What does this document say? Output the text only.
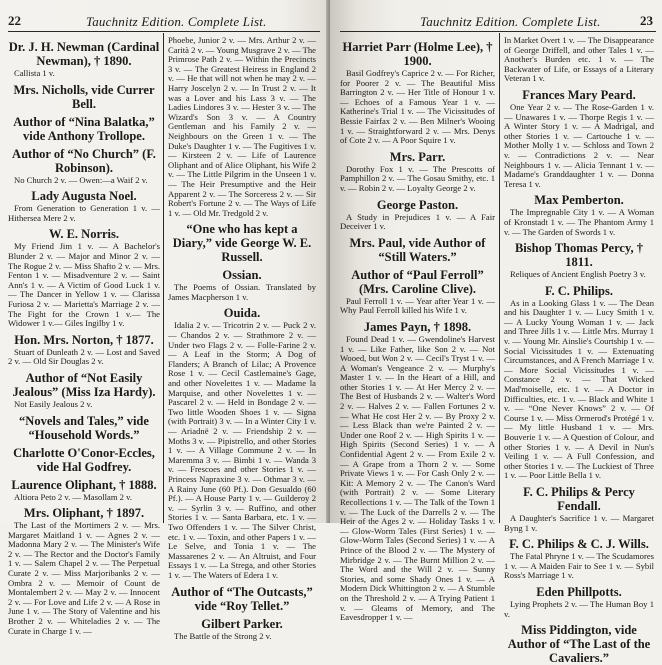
22	Tauchnitz Edition. Complete List.
Dr. J. H. Newman (Cardinal Newman), † 1890.
Callista 1 v.
Mrs. Nicholls, vide Currer Bell.
Author of “Nina Balatka,” vide Anthony Trollope.
Author of “No Church” (F. Robinson).
No Church 2 v. — Owen:—a Waif 2 v.
Lady Augusta Noel.
From Generation to Generation 1 v. — Hithersea Mere 2 v.
W. E. Norris.
My Friend Jim 1 v. — A Bachelor's Blunder 2 v. — Major and Minor 2 v. — The Rogue 2 v. — Miss Shafto 2 v. — Mrs. Fenton 1 v. — Misadventure 2 v. — Saint Ann's 1 v. — A Victim of Good Luck 1 v. — The Dancer in Yellow 1 v. — Clarissa Furiosa 2 v. — Marietta's Marriage 2 v. — The Fight for the Crown 1 v.— The Widower 1 v.— Giles Ingilby 1 v.
Hon. Mrs. Norton, † 1877.
Stuart of Dunleath 2 v. — Lost and Saved 2 v. — Old Sir Douglas 2 v.
Author of “Not Easily Jealous” (Miss Iza Hardy).
Not Easily Jealous 2 v.
“Novels and Tales,” vide “Household Words.”
Charlotte O'Conor-Eccles, vide Hal Godfrey.
Laurence Oliphant, † 1888.
Altiora Peto 2 v. — Masollam 2 v.
Mrs. Oliphant, † 1897.
The Last of the Mortimers 2 v. — Mrs. Margaret Maitland 1 v. — Agnes 2 v. — Madonna Mary 2 v. — The Minister's Wife 2 v. — The Rector and the Doctor's Family 1 v. — Salem Chapel 2 v. — The Perpetual Curate 2 v. — Miss Marjoribanks 2 v. — Ombra 2 v. — Memoir of Count de Montalembert 2 v. — May 2 v. — Innocent 2 v. — For Love and Life 2 v. — A Rose in June 1 v. — The Story of Valentine and his Brother 2 v. — Whiteladies 2 v. — The Curate in Charge 1 v. —
Phoebe, Junior 2 v. — Mrs. Arthur 2 v. — Carità 2 v. — Young Musgrave 2 v. — The Primrose Path 2 v. — Within the Precincts 3 v. — The Greatest Heiress in England 2 v. — He that will not when he may 2 v. — Harry Joscelyn 2 v. — In Trust 2 v. — It was a Lover and his Lass 3 v. — The Ladies Lindores 3 v. — Hester 3 v. — The Wizard's Son 3 v. — A Country Gentleman and his Family 2 v. — Neighbours on the Green 1 v. — The Duke's Daughter 1 v. — The Fugitives 1 v. — Kirsteen 2 v. — Life of Laurence Oliphant and of Alice Oliphant, his Wife 2 v. — The Little Pilgrim in the Unseen 1 v. — The Heir Presumptive and the Heir Apparent 2 v. — The Sorceress 2 v. — Sir Robert's Fortune 2 v. — The Ways of Life 1 v. — Old Mr. Tredgold 2 v.
“One who has kept a Diary,” vide George W. E. Russell.
Ossian.
The Poems of Ossian. Translated by James Macpherson 1 v.
Ouida.
Idalia 2 v. — Tricotrin 2 v. — Puck 2 v. — Chandos 2 v. — Strathmore 2 v. — Under two Flags 2 v. — Folle-Farine 2 v. — A Leaf in the Storm; A Dog of Flanders; A Branch of Lilac; A Provence Rose 1 v. — Cecil Castlemaine's Gage, and other Novelettes 1 v. — Madame la Marquise, and other Novelettes 1 v. — Pascarel 2 v. — Held in Bondage 2 v. — Two little Wooden Shoes 1 v. — Signa (with Portrait) 3 v. — In a Winter City 1 v. — Ariadnë 2 v. — Friendship 2 v. — Moths 3 v. — Pipistrello, and other Stories 1 v. — A Village Commune 2 v. — In Maremma 3 v. — Bimbi 1 v. — Wanda 3 v. — Frescoes and other Stories 1 v. — Princess Napraxine 3 v. — Othmar 3 v. — A Rainy June (60 Pf.). Don Gesualdo (60 Pf.). — A House Party 1 v. — Guilderoy 2 v. — Syrlin 3 v. — Ruffino, and other Stories 1 v. — Santa Barbara, etc. 1 v. — Two Offenders 1 v. — The Silver Christ, etc. 1 v. — Toxin, and other Papers 1 v. — Le Selve, and Tonia 1 v. — The Massarenes 2 v. — An Altruist, and Four Essays 1 v. — La Strega, and other Stories 1 v. — The Waters of Edera 1 v.
Author of “The Outcasts,” vide “Roy Tellet.”
Gilbert Parker.
The Battle of the Strong 2 v.
Tauchnitz Edition. Complete List.	23
Harriet Parr (Holme Lee), † 1900.
Basil Godfrey's Caprice 2 v. — For Richer, for Poorer 2 v. — The Beautiful Miss Barrington 2 v. — Her Title of Honour 1 v. — Echoes of a Famous Year 1 v. — Katherine's Trial 1 v. — The Vicissitudes of Bessie Fairfax 2 v. — Ben Milner's Wooing 1 v. — Straightforward 2 v. — Mrs. Denys of Cote 2 v. — A Poor Squire 1 v.
Mrs. Parr.
Dorothy Fox 1 v. — The Prescotts of Pamphillon 2 v. — The Gosau Smithy, etc. 1 v. — Robin 2 v. — Loyalty George 2 v.
George Paston.
A Study in Prejudices 1 v. — A Fair Deceiver 1 v.
Mrs. Paul, vide Author of “Still Waters.”
Author of “Paul Ferroll” (Mrs. Caroline Clive).
Paul Ferroll 1 v. — Year after Year 1 v. — Why Paul Ferroll killed his Wife 1 v.
James Payn, † 1898.
Found Dead 1 v. — Gwendoline's Harvest 1 v. — Like Father, like Son 2 v. — Not Wooed, but Won 2 v. — Cecil's Tryst 1 v. — A Woman's Vengeance 2 v. — Murphy's Master 1 v. — In the Heart of a Hill, and other Stories 1 v. — At Her Mercy 2 v. — The Best of Husbands 2 v. — Walter's Word 2 v. — Halves 2 v. — Fallen Fortunes 2 v. — What He cost Her 2 v. — By Proxy 2 v. — Less Black than we're Painted 2 v. — Under one Roof 2 v. — High Spirits 1 v. — High Spirits (Second Series) 1 v. — A Confidential Agent 2 v. — From Exile 2 v. — A Grape from a Thorn 2 v. — Some Private Views 1 v. — For Cash Only 2 v. — Kit: A Memory 2 v. — The Canon's Ward (with Portrait) 2 v. — Some Literary Recollections 1 v. — The Talk of the Town 1 v. — The Luck of the Darrells 2 v. — The Heir of the Ages 2 v. — Holiday Tasks 1 v. — Glow-Worm Tales (First Series) 1 v. — Glow-Worm Tales (Second Series) 1 v. — A Prince of the Blood 2 v. — The Mystery of Mirbridge 2 v. — The Burnt Million 2 v. — The Word and the Will 2 v. — Sunny Stories, and some Shady Ones 1 v. — A Modern Dick Whittington 2 v. — A Stumble on the Threshold 2 v. — A Trying Patient 1 v. — Gleams of Memory, and The Eavesdropper 1 v. —
In Market Overt 1 v. — The Disappearance of George Driffell, and other Tales 1 v. — Another's Burden etc. 1 v. — The Backwater of Life, or Essays of a Literary Veteran 1 v.
Frances Mary Peard.
One Year 2 v. — The Rose-Garden 1 v. — Unawares 1 v. — Thorpe Regis 1 v. — A Winter Story 1 v. — A Madrigal, and other Stories 1 v. — Cartouche 1 v. — Mother Molly 1 v. — Schloss and Town 2 v. — Contradictions 2 v. — Near Neighbours 1 v. — Alicia Tennant 1 v. — Madame's Granddaughter 1 v. — Donna Teresa 1 v.
Max Pemberton.
The Impregnable City 1 v. — A Woman of Kronstadt 1 v. — The Phantom Army 1 v. — The Garden of Swords 1 v.
Bishop Thomas Percy, † 1811.
Reliques of Ancient English Poetry 3 v.
F. C. Philips.
As in a Looking Glass 1 v. — The Dean and his Daughter 1 v. — Lucy Smith 1 v. — A Lucky Young Woman 1 v. — Jack and Three Jills 1 v. — Little Mrs. Murray 1 v. — Young Mr. Ainslie's Courtship 1 v. — Social Vicissitudes 1 v. — Extenuating Circumstances, and A French Marriage 1 v. — More Social Vicissitudes 1 v. — Constance 2 v. — That Wicked Mad'moiselle, etc. 1 v. — A Doctor in Difficulties, etc. 1 v. — Black and White 1 v. — “One Never Knows” 2 v. — Of Course 1 v. — Miss Ormerod's Protégé 1 v. — My little Husband 1 v. — Mrs. Bouverie 1 v. — A Question of Colour, and other Stories 1 v. — A Devil in Nun's Veiling 1 v. — A Full Confession, and other Stories 1 v. — The Luckiest of Three 1 v. — Poor Little Bella 1 v.
F. C. Philips & Percy Fendall.
A Daughter's Sacrifice 1 v. — Margaret Byng 1 v.
F. C. Philips & C. J. Wills.
The Fatal Phryne 1 v. — The Scudamores 1 v. — A Maiden Fair to See 1 v. — Sybil Ross's Marriage 1 v.
Eden Phillpotts.
Lying Prophets 2 v. — The Human Boy 1 v.
Miss Piddington, vide Author of “The Last of the Cavaliers.”
